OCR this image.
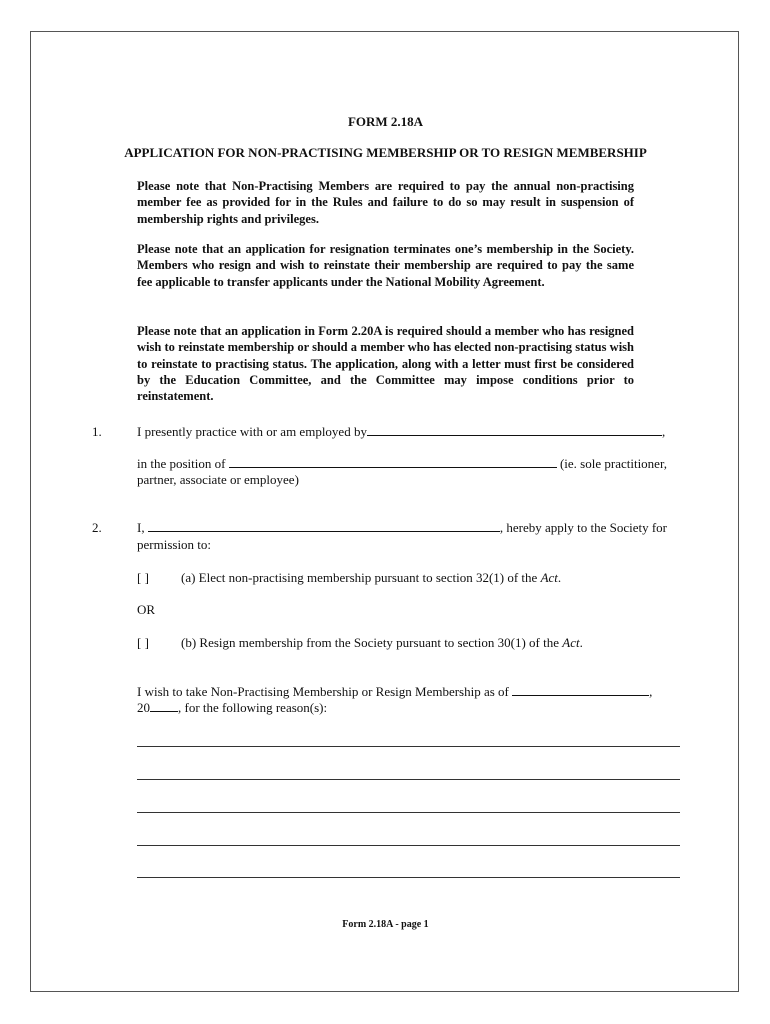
FORM 2.18A
APPLICATION FOR NON-PRACTISING MEMBERSHIP OR TO RESIGN MEMBERSHIP
Please note that Non-Practising Members are required to pay the annual non-practising member fee as provided for in the Rules and failure to do so may result in suspension of membership rights and privileges.
Please note that an application for resignation terminates one’s membership in the Society. Members who resign and wish to reinstate their membership are required to pay the same fee applicable to transfer applicants under the National Mobility Agreement.
Please note that an application in Form 2.20A is required should a member who has resigned wish to reinstate membership or should a member who has elected non-practising status wish to reinstate to practising status. The application, along with a letter must first be considered by the Education Committee, and the Committee may impose conditions prior to reinstatement.
1.	I presently practice with or am employed by	,
in the position of	(ie. sole practitioner,
partner, associate or employee)
2.	I,	, hereby apply to the Society for
permission to:
[ ] (a) Elect non-practising membership pursuant to section 32(1) of the Act.
OR
[ ] (b) Resign membership from the Society pursuant to section 30(1) of the Act.
I wish to take Non-Practising Membership or Resign Membership as of	,
20 , for the following reason(s):
Form 2.18A - page 1
